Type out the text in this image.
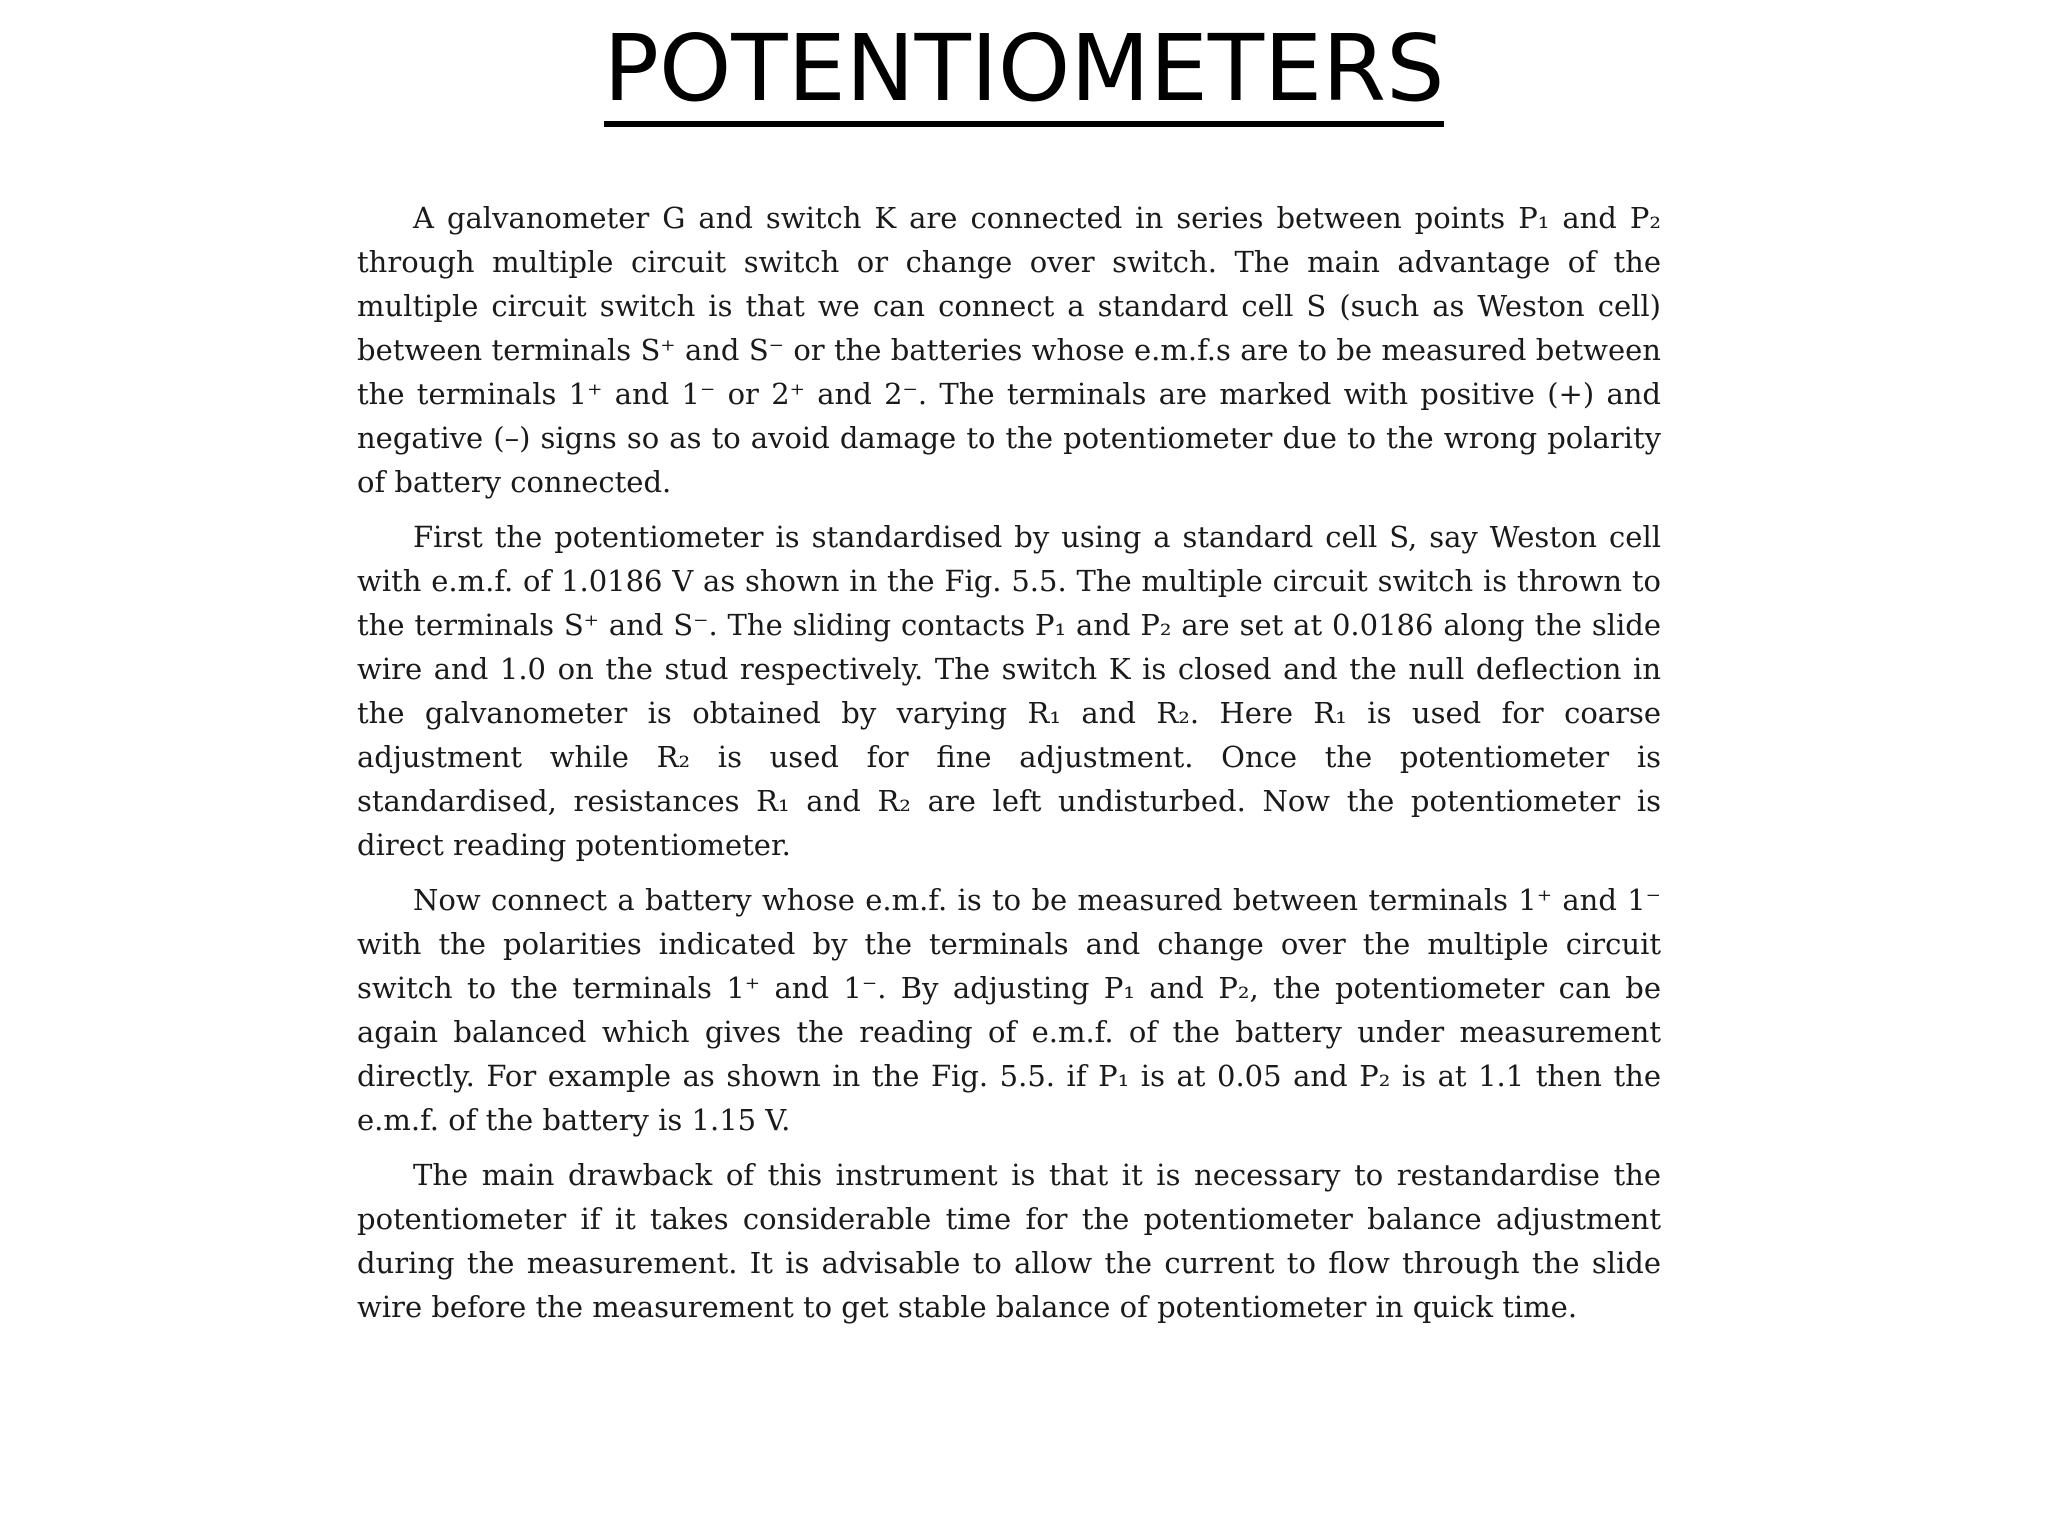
POTENTIOMETERS

A galvanometer G and switch K are connected in series between points P₁ and P₂ through multiple circuit switch or change over switch. The main advantage of the multiple circuit switch is that we can connect a standard cell S (such as Weston cell) between terminals S⁺ and S⁻ or the batteries whose e.m.f.s are to be measured between the terminals 1⁺ and 1⁻ or 2⁺ and 2⁻. The terminals are marked with positive (+) and negative (–) signs so as to avoid damage to the potentiometer due to the wrong polarity of battery connected.

First the potentiometer is standardised by using a standard cell S, say Weston cell with e.m.f. of 1.0186 V as shown in the Fig. 5.5. The multiple circuit switch is thrown to the terminals S⁺ and S⁻. The sliding contacts P₁ and P₂ are set at 0.0186 along the slide wire and 1.0 on the stud respectively. The switch K is closed and the null deflection in the galvanometer is obtained by varying R₁ and R₂. Here R₁ is used for coarse adjustment while R₂ is used for fine adjustment. Once the potentiometer is standardised, resistances R₁ and R₂ are left undisturbed. Now the potentiometer is direct reading potentiometer.

Now connect a battery whose e.m.f. is to be measured between terminals 1⁺ and 1⁻ with the polarities indicated by the terminals and change over the multiple circuit switch to the terminals 1⁺ and 1⁻. By adjusting P₁ and P₂, the potentiometer can be again balanced which gives the reading of e.m.f. of the battery under measurement directly. For example as shown in the Fig. 5.5. if P₁ is at 0.05 and P₂ is at 1.1 then the e.m.f. of the battery is 1.15 V.

The main drawback of this instrument is that it is necessary to restandardise the potentiometer if it takes considerable time for the potentiometer balance adjustment during the measurement. It is advisable to allow the current to flow through the slide wire before the measurement to get stable balance of potentiometer in quick time.
